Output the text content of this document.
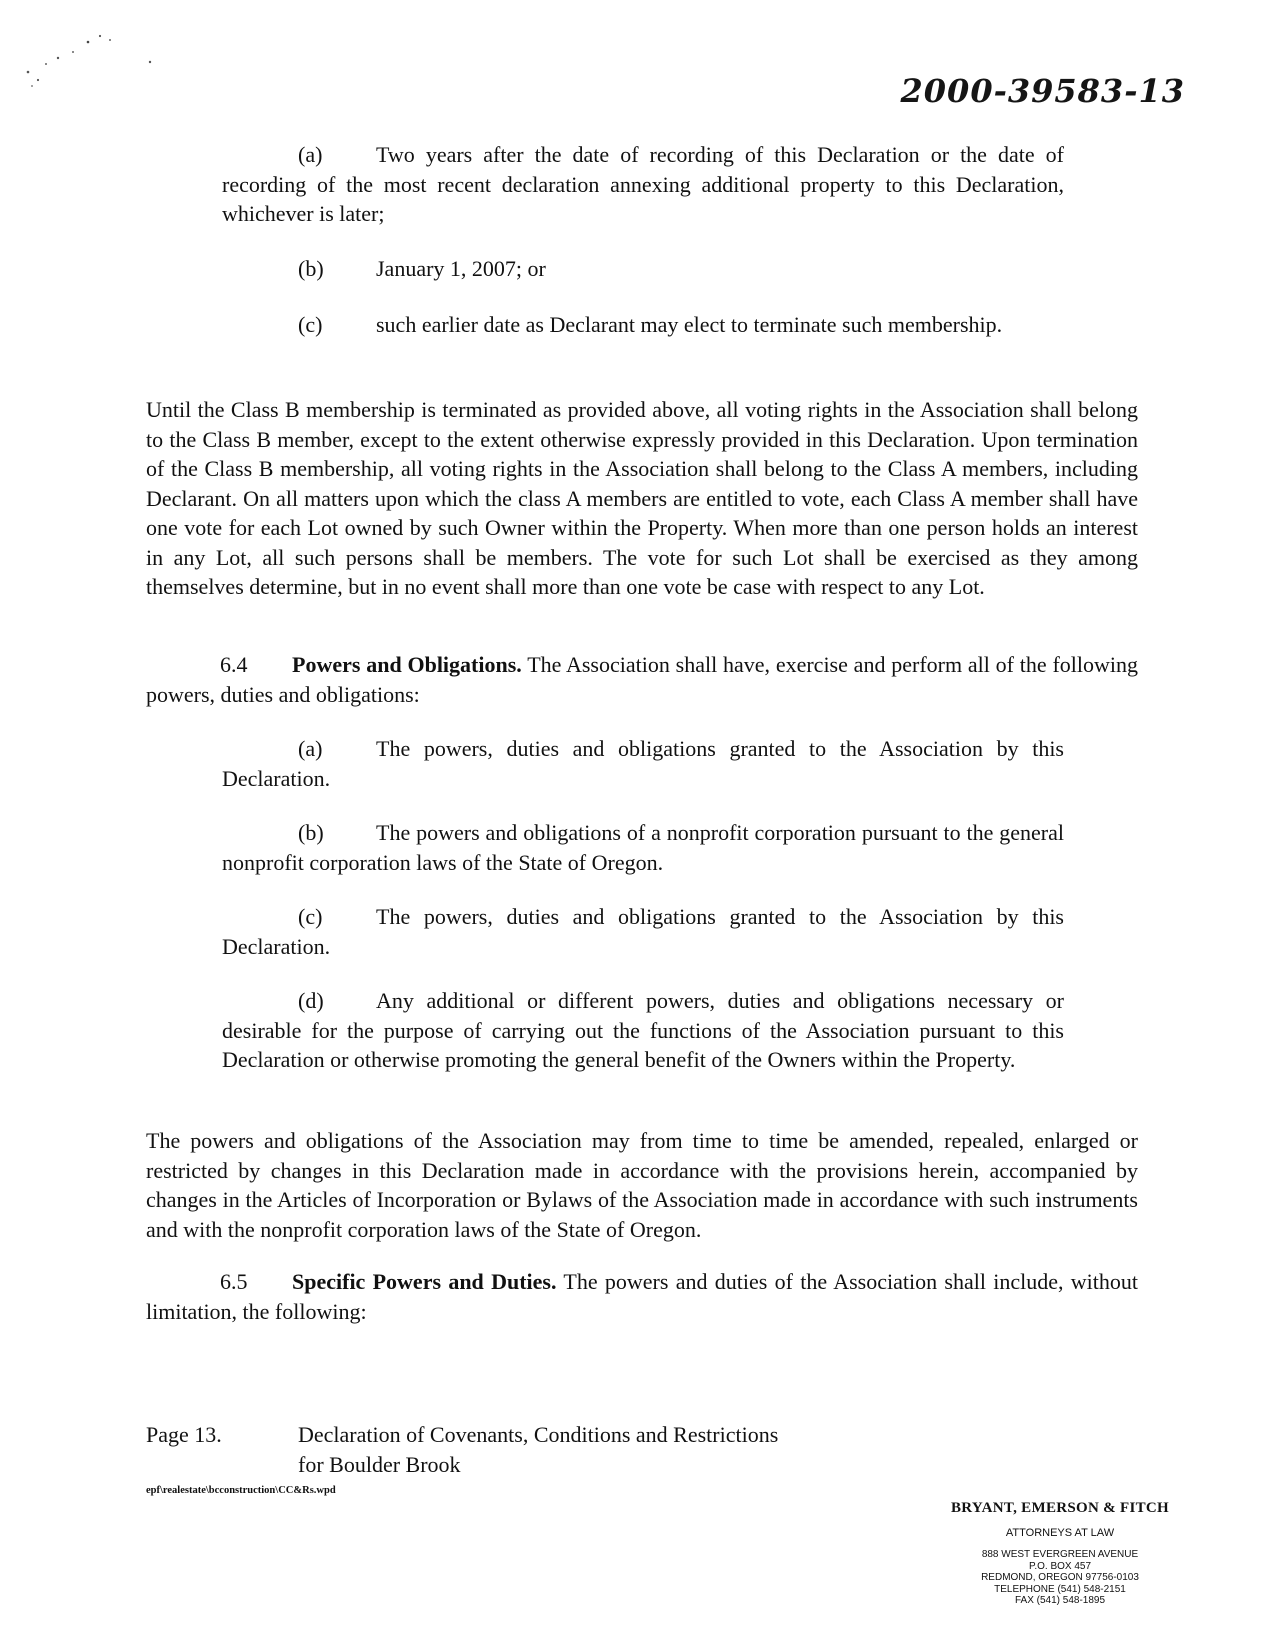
2000-39583-13
(a) Two years after the date of recording of this Declaration or the date of recording of the most recent declaration annexing additional property to this Declaration, whichever is later;
(b) January 1, 2007; or
(c) such earlier date as Declarant may elect to terminate such membership.
Until the Class B membership is terminated as provided above, all voting rights in the Association shall belong to the Class B member, except to the extent otherwise expressly provided in this Declaration. Upon termination of the Class B membership, all voting rights in the Association shall belong to the Class A members, including Declarant. On all matters upon which the class A members are entitled to vote, each Class A member shall have one vote for each Lot owned by such Owner within the Property. When more than one person holds an interest in any Lot, all such persons shall be members. The vote for such Lot shall be exercised as they among themselves determine, but in no event shall more than one vote be case with respect to any Lot.
6.4 Powers and Obligations. The Association shall have, exercise and perform all of the following powers, duties and obligations:
(a) The powers, duties and obligations granted to the Association by this Declaration.
(b) The powers and obligations of a nonprofit corporation pursuant to the general nonprofit corporation laws of the State of Oregon.
(c) The powers, duties and obligations granted to the Association by this Declaration.
(d) Any additional or different powers, duties and obligations necessary or desirable for the purpose of carrying out the functions of the Association pursuant to this Declaration or otherwise promoting the general benefit of the Owners within the Property.
The powers and obligations of the Association may from time to time be amended, repealed, enlarged or restricted by changes in this Declaration made in accordance with the provisions herein, accompanied by changes in the Articles of Incorporation or Bylaws of the Association made in accordance with such instruments and with the nonprofit corporation laws of the State of Oregon.
6.5 Specific Powers and Duties. The powers and duties of the Association shall include, without limitation, the following:
Page 13.	Declaration of Covenants, Conditions and Restrictions
for Boulder Brook
epf\realestate\bcconstruction\CC&Rs.wpd
BRYANT, EMERSON & FITCH
ATTORNEYS AT LAW
888 WEST EVERGREEN AVENUE
P.O. BOX 457
REDMOND, OREGON 97756-0103
TELEPHONE (541) 548-2151
FAX (541) 548-1895
